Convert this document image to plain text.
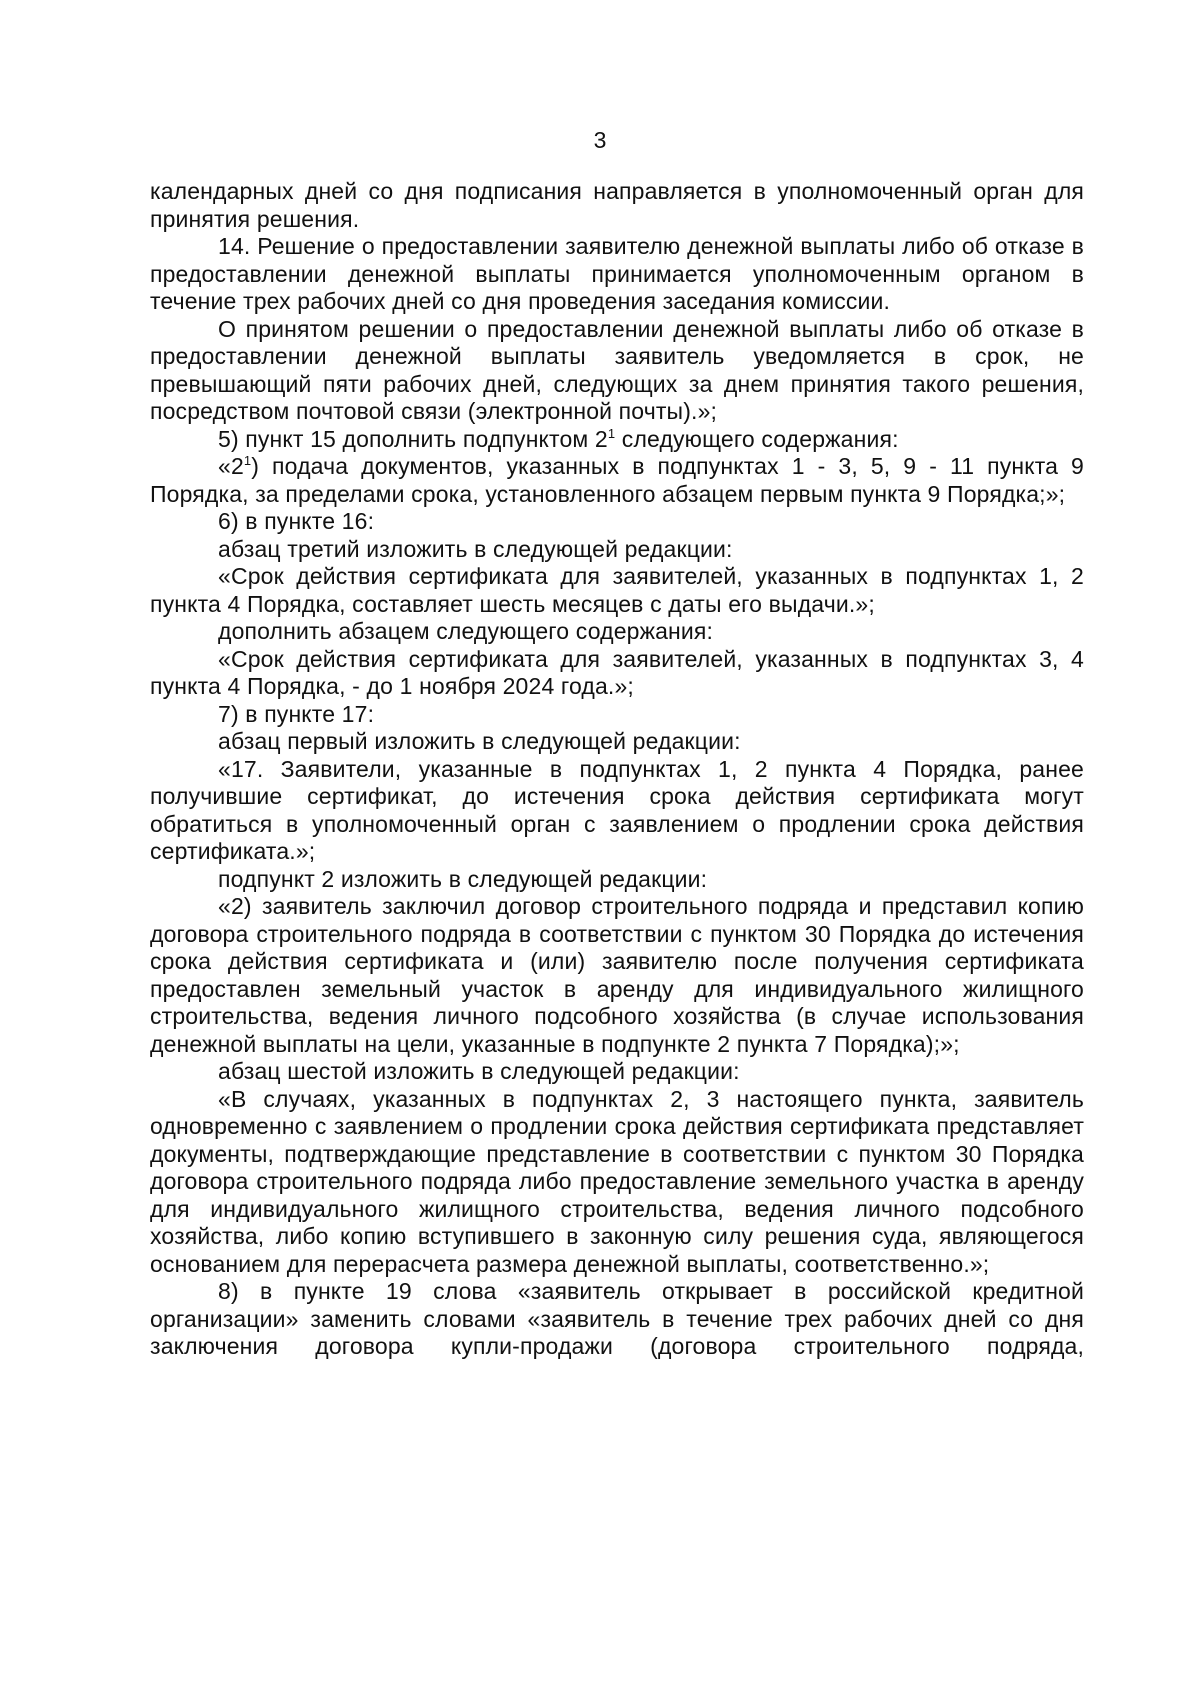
3

календарных дней со дня подписания направляется в уполномоченный орган для принятия решения.

14. Решение о предоставлении заявителю денежной выплаты либо об отказе в предоставлении денежной выплаты принимается уполномоченным органом в течение трех рабочих дней со дня проведения заседания комиссии.

О принятом решении о предоставлении денежной выплаты либо об отказе в предоставлении денежной выплаты заявитель уведомляется в срок, не превышающий пяти рабочих дней, следующих за днем принятия такого решения, посредством почтовой связи (электронной почты).»;

5) пункт 15 дополнить подпунктом $2^1$ следующего содержания:

«$2^1$) подача документов, указанных в подпунктах 1 - 3, 5, 9 - 11 пункта 9 Порядка, за пределами срока, установленного абзацем первым пункта 9 Порядка;»;

6) в пункте 16:

абзац третий изложить в следующей редакции:

«Срок действия сертификата для заявителей, указанных в подпунктах 1, 2 пункта 4 Порядка, составляет шесть месяцев с даты его выдачи.»;

дополнить абзацем следующего содержания:

«Срок действия сертификата для заявителей, указанных в подпунктах 3, 4 пункта 4 Порядка, - до 1 ноября 2024 года.»;

7) в пункте 17:

абзац первый изложить в следующей редакции:

«17. Заявители, указанные в подпунктах 1, 2 пункта 4 Порядка, ранее получившие сертификат, до истечения срока действия сертификата могут обратиться в уполномоченный орган с заявлением о продлении срока действия сертификата.»;

подпункт 2 изложить в следующей редакции:

«2) заявитель заключил договор строительного подряда и представил копию договора строительного подряда в соответствии с пунктом 30 Порядка до истечения срока действия сертификата и (или) заявителю после получения сертификата предоставлен земельный участок в аренду для индивидуального жилищного строительства, ведения личного подсобного хозяйства (в случае использования денежной выплаты на цели, указанные в подпункте 2 пункта 7 Порядка);»;

абзац шестой изложить в следующей редакции:

«В случаях, указанных в подпунктах 2, 3 настоящего пункта, заявитель одновременно с заявлением о продлении срока действия сертификата представляет документы, подтверждающие представление в соответствии с пунктом 30 Порядка договора строительного подряда либо предоставление земельного участка в аренду для индивидуального жилищного строительства, ведения личного подсобного хозяйства, либо копию вступившего в законную силу решения суда, являющегося основанием для перерасчета размера денежной выплаты, соответственно.»;

8) в пункте 19 слова «заявитель открывает в российской кредитной организации» заменить словами «заявитель в течение трех рабочих дней со дня заключения договора купли-продажи (договора строительного подряда,
